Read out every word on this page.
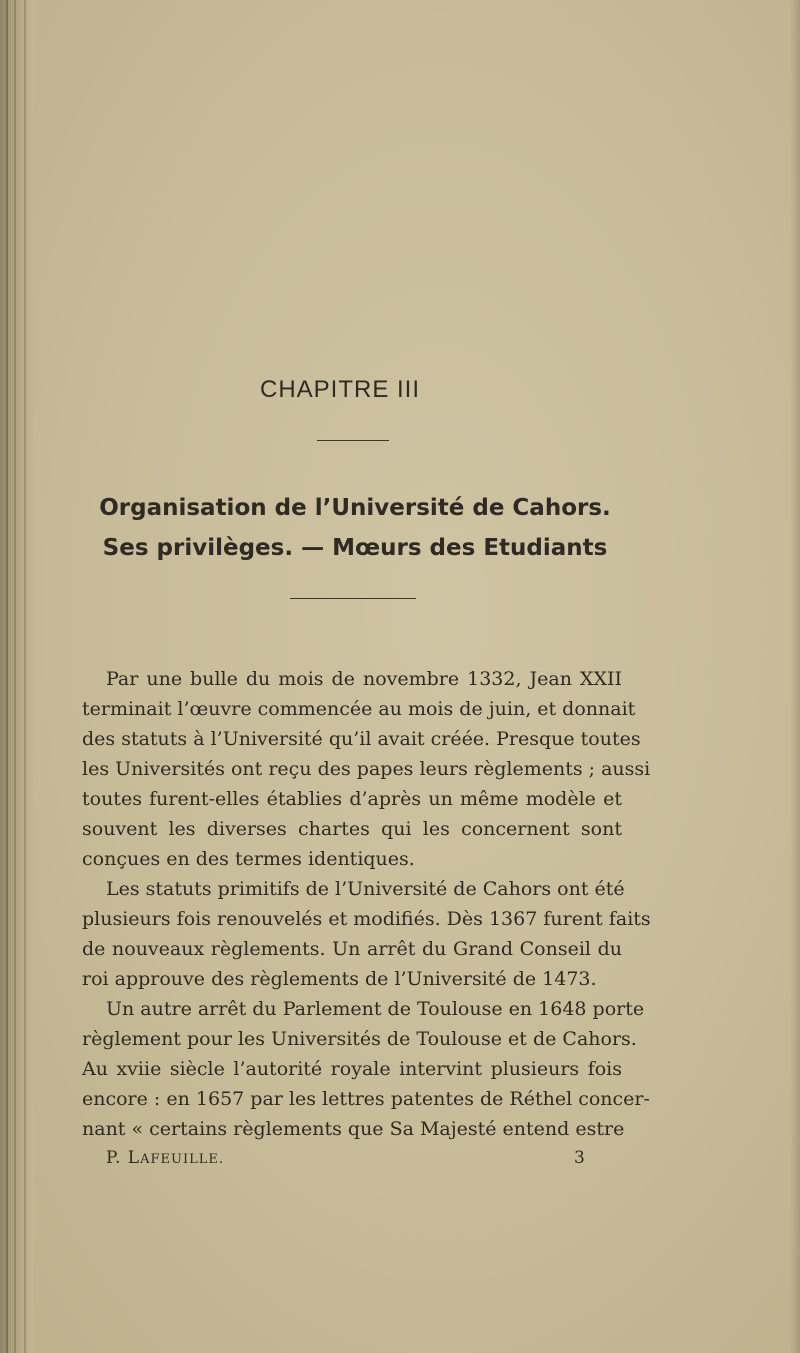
CHAPITRE III
Organisation de l’Université de Cahors.
Ses privilèges. — Mœurs des Etudiants
Par une bulle du mois de novembre 1332, Jean XXII
terminait l’œuvre commencée au mois de juin, et donnait
des statuts à l’Université qu’il avait créée. Presque toutes
les Universités ont reçu des papes leurs règlements ; aussi
toutes furent-elles établies d’après un même modèle et
souvent les diverses chartes qui les concernent sont
conçues en des termes identiques.
Les statuts primitifs de l’Université de Cahors ont été
plusieurs fois renouvelés et modifiés. Dès 1367 furent faits
de nouveaux règlements. Un arrêt du Grand Conseil du
roi approuve des règlements de l’Université de 1473.
Un autre arrêt du Parlement de Toulouse en 1648 porte
règlement pour les Universités de Toulouse et de Cahors.
Au xviie siècle l’autorité royale intervint plusieurs fois
encore : en 1657 par les lettres patentes de Réthel concer-
nant « certains règlements que Sa Majesté entend estre
P. LAFEUILLE.	3
